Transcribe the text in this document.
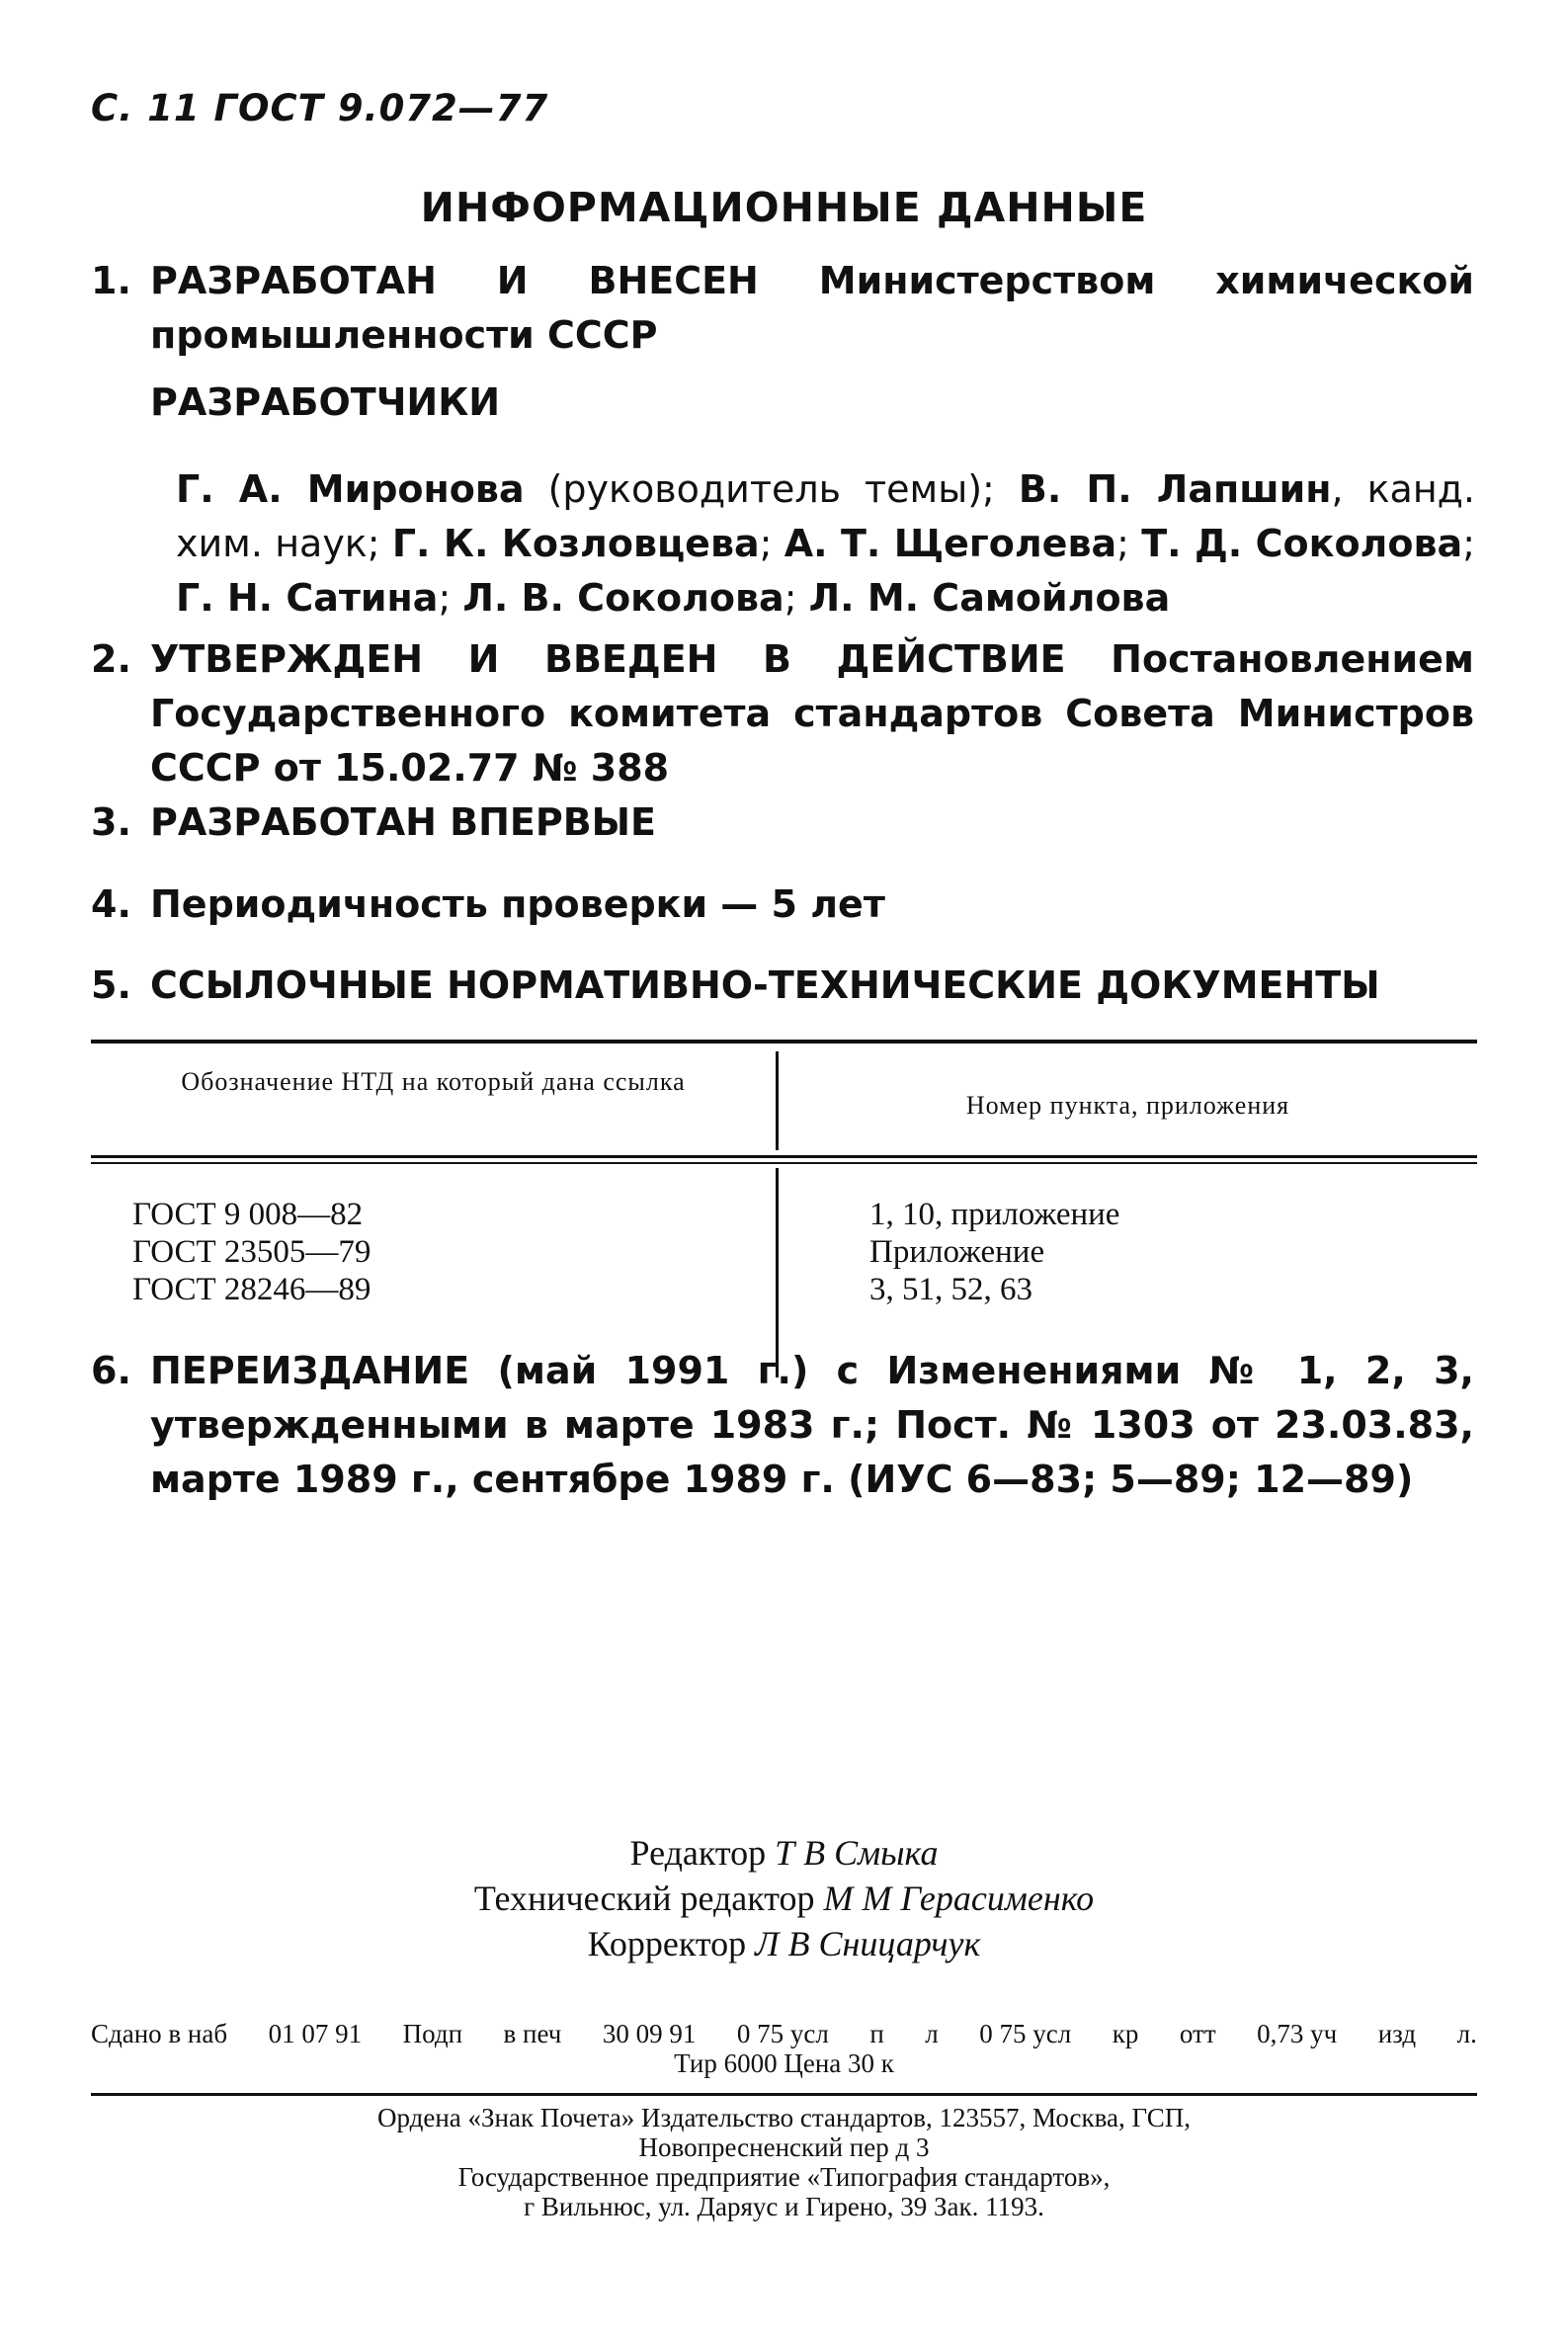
С. 11 ГОСТ 9.072—77
ИНФОРМАЦИОННЫЕ ДАННЫЕ
1. РАЗРАБОТАН И ВНЕСЕН Министерством химической промышленности СССР
РАЗРАБОТЧИКИ
Г. А. Миронова (руководитель темы); В. П. Лапшин, канд. хим. наук; Г. К. Козловцева; А. Т. Щеголева; Т. Д. Соколова; Г. Н. Сатина; Л. В. Соколова; Л. М. Самойлова
2. УТВЕРЖДЕН И ВВЕДЕН В ДЕЙСТВИЕ Постановлением Государственного комитета стандартов Совета Министров СССР от 15.02.77 № 388
3. РАЗРАБОТАН ВПЕРВЫЕ
4. Периодичность проверки — 5 лет
5. ССЫЛОЧНЫЕ НОРМАТИВНО-ТЕХНИЧЕСКИЕ ДОКУМЕНТЫ
Обозначение НТД на который дана ссылка
Номер пункта, приложения
ГОСТ 9 008—82
ГОСТ 23505—79
ГОСТ 28246—89
1, 10, приложение
Приложение
3, 51, 52, 63
6. ПЕРЕИЗДАНИЕ (май 1991 г.) с Изменениями № 1, 2, 3, утвержденными в марте 1983 г.; Пост. № 1303 от 23.03.83, марте 1989 г., сентябре 1989 г. (ИУС 6—83; 5—89; 12—89)
Редактор Т В Смыка
Технический редактор М М Герасименко
Корректор Л В Сницарчук
Сдано в наб 01 07 91 Подп в печ 30 09 91 0 75 усл п л 0 75 усл кр отт 0,73 уч изд л.
Тир 6000 Цена 30 к
Ордена «Знак Почета» Издательство стандартов, 123557, Москва, ГСП,
Новопресненский пер д 3
Государственное предприятие «Типография стандартов»,
г Вильнюс, ул. Даряус и Гирено, 39 Зак. 1193.
